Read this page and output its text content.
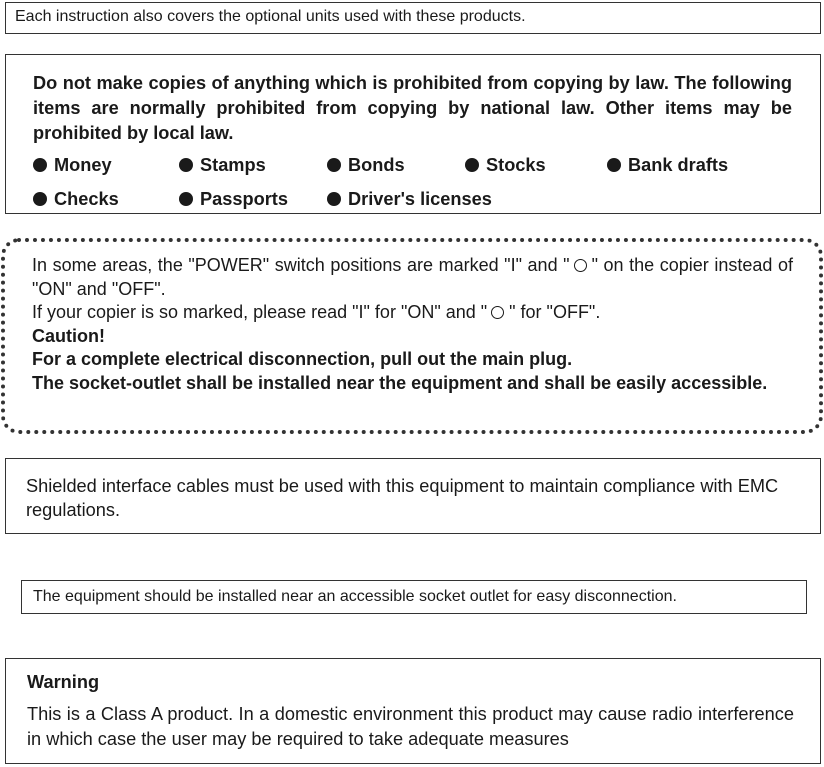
Each instruction also covers the optional units used with these products.
Do not make copies of anything which is prohibited from copying by law. The following items are normally prohibited from copying by national law. Other items may be prohibited by local law.
Money	Stamps	Bonds	Stocks	Bank drafts
Checks	Passports	Driver's licenses
In some areas, the "POWER" switch positions are marked "I" and " " on the copier instead of "ON" and "OFF".
If your copier is so marked, please read "I" for "ON" and " " for "OFF".
Caution!
For a complete electrical disconnection, pull out the main plug.
The socket-outlet shall be installed near the equipment and shall be easily accessible.
Shielded interface cables must be used with this equipment to maintain compliance with EMC regulations.
The equipment should be installed near an accessible socket outlet for easy disconnection.
Warning
This is a Class A product. In a domestic environment this product may cause radio interference in which case the user may be required to take adequate measures
